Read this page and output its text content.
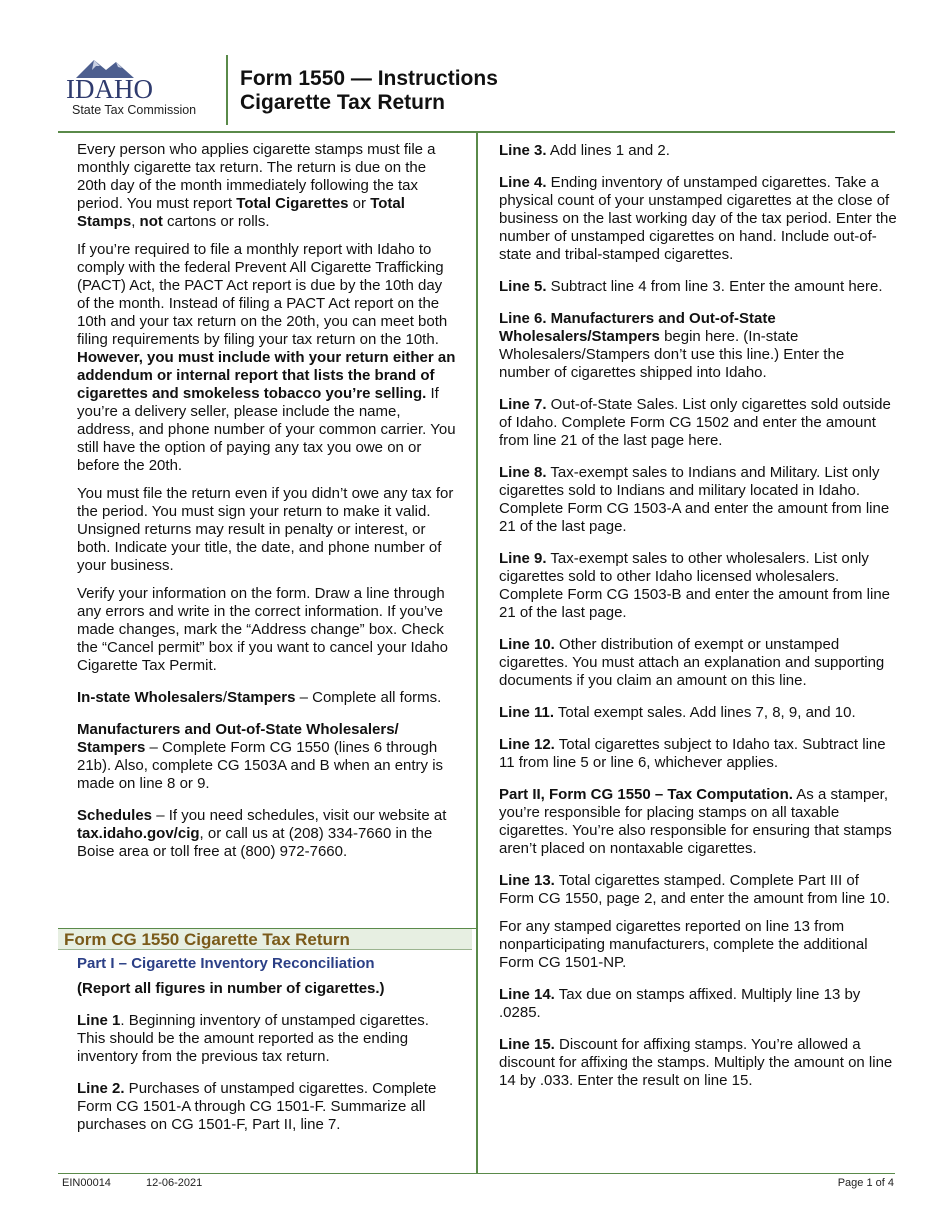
IDAHO
State Tax Commission
Form 1550 — Instructions
Cigarette Tax Return

Every person who applies cigarette stamps must file a monthly cigarette tax return. The return is due on the 20th day of the month immediately following the tax period. You must report Total Cigarettes or Total Stamps, not cartons or rolls.

If you’re required to file a monthly report with Idaho to comply with the federal Prevent All Cigarette Trafficking (PACT) Act, the PACT Act report is due by the 10th day of the month. Instead of filing a PACT Act report on the 10th and your tax return on the 20th, you can meet both filing requirements by filing your tax return on the 10th. However, you must include with your return either an addendum or internal report that lists the brand of cigarettes and smokeless tobacco you’re selling. If you’re a delivery seller, please include the name, address, and phone number of your common carrier. You still have the option of paying any tax you owe on or before the 20th.

You must file the return even if you didn’t owe any tax for the period. You must sign your return to make it valid. Unsigned returns may result in penalty or interest, or both. Indicate your title, the date, and phone number of your business.

Verify your information on the form. Draw a line through any errors and write in the correct information. If you’ve made changes, mark the “Address change” box. Check the “Cancel permit” box if you want to cancel your Idaho Cigarette Tax Permit.

In-state Wholesalers/Stampers – Complete all forms.

Manufacturers and Out-of-State Wholesalers/ Stampers – Complete Form CG 1550 (lines 6 through 21b). Also, complete CG 1503A and B when an entry is made on line 8 or 9.

Schedules – If you need schedules, visit our website at tax.idaho.gov/cig, or call us at (208) 334-7660 in the Boise area or toll free at (800) 972-7660.

Form CG 1550 Cigarette Tax Return
Part I – Cigarette Inventory Reconciliation

(Report all figures in number of cigarettes.)

Line 1. Beginning inventory of unstamped cigarettes. This should be the amount reported as the ending inventory from the previous tax return.

Line 2. Purchases of unstamped cigarettes. Complete Form CG 1501-A through CG 1501-F. Summarize all purchases on CG 1501-F, Part II, line 7.

Line 3. Add lines 1 and 2.

Line 4. Ending inventory of unstamped cigarettes. Take a physical count of your unstamped cigarettes at the close of business on the last working day of the tax period. Enter the number of unstamped cigarettes on hand. Include out-of-state and tribal-stamped cigarettes.

Line 5. Subtract line 4 from line 3. Enter the amount here.

Line 6. Manufacturers and Out-of-State Wholesalers/Stampers begin here. (In-state Wholesalers/Stampers don’t use this line.) Enter the number of cigarettes shipped into Idaho.

Line 7. Out-of-State Sales. List only cigarettes sold outside of Idaho. Complete Form CG 1502 and enter the amount from line 21 of the last page here.

Line 8. Tax-exempt sales to Indians and Military. List only cigarettes sold to Indians and military located in Idaho. Complete Form CG 1503-A and enter the amount from line 21 of the last page.

Line 9. Tax-exempt sales to other wholesalers. List only cigarettes sold to other Idaho licensed wholesalers. Complete Form CG 1503-B and enter the amount from line 21 of the last page.

Line 10. Other distribution of exempt or unstamped cigarettes. You must attach an explanation and supporting documents if you claim an amount on this line.

Line 11. Total exempt sales. Add lines 7, 8, 9, and 10.

Line 12. Total cigarettes subject to Idaho tax. Subtract line 11 from line 5 or line 6, whichever applies.

Part II, Form CG 1550 – Tax Computation. As a stamper, you’re responsible for placing stamps on all taxable cigarettes. You’re also responsible for ensuring that stamps aren’t placed on nontaxable cigarettes.

Line 13. Total cigarettes stamped. Complete Part III of Form CG 1550, page 2, and enter the amount from line 10.

For any stamped cigarettes reported on line 13 from nonparticipating manufacturers, complete the additional Form CG 1501-NP.

Line 14. Tax due on stamps affixed. Multiply line 13 by .0285.

Line 15. Discount for affixing stamps. You’re allowed a discount for affixing the stamps. Multiply the amount on line 14 by .033. Enter the result on line 15.

EIN00014	12-06-2021	Page 1 of 4
